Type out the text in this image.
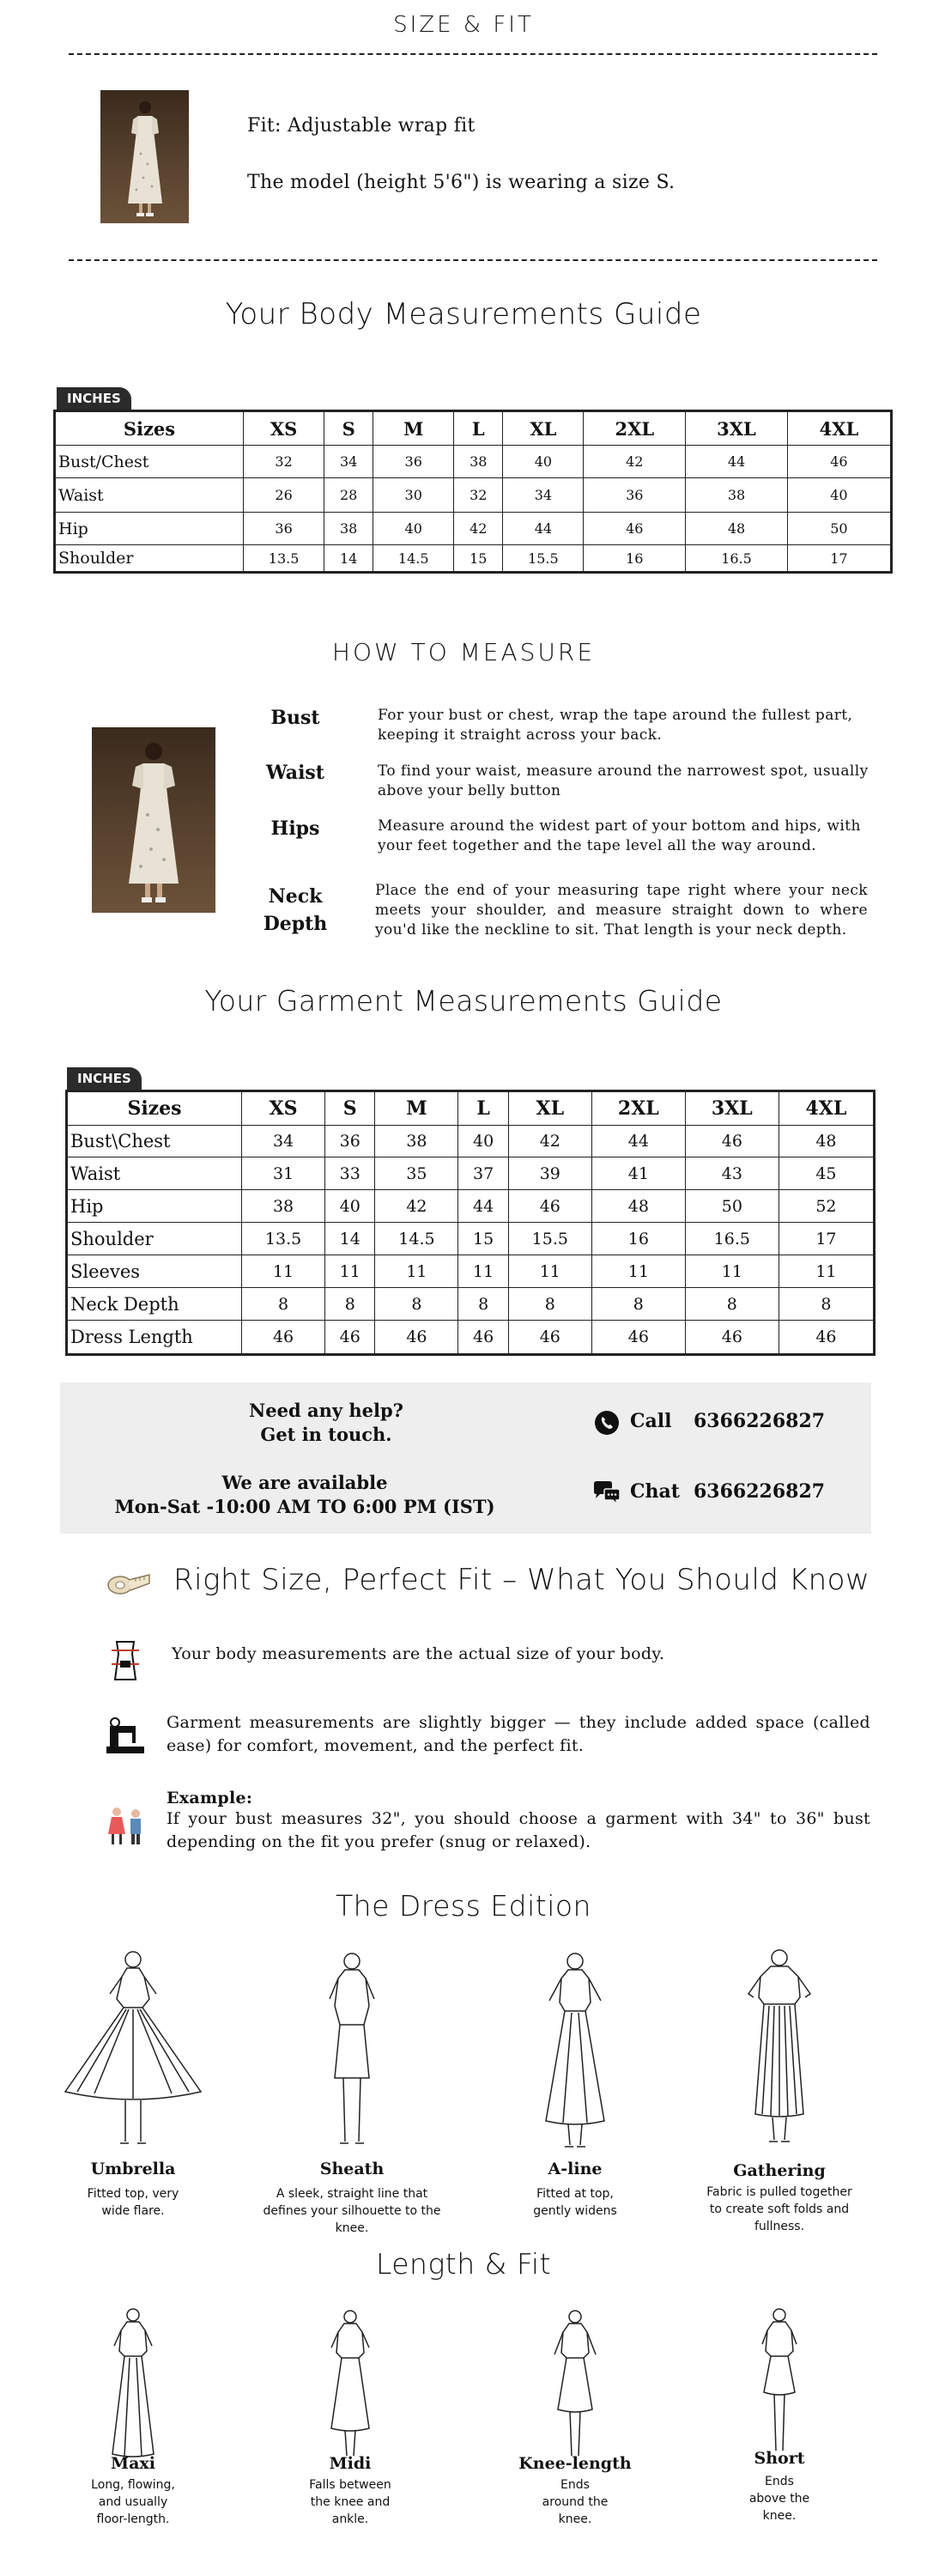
SIZE & FIT
Fit: Adjustable wrap fit
The model (height 5'6") is wearing a size S.
Your Body Measurements Guide
INCHES
Sizes	XS	S	M	L	XL	2XL	3XL	4XL
Bust/Chest	32	34	36	38	40	42	44	46
Waist	26	28	30	32	34	36	38	40
Hip	36	38	40	42	44	46	48	50
Shoulder	13.5	14	14.5	15	15.5	16	16.5	17
HOW TO MEASURE
Bust	For your bust or chest, wrap the tape around the fullest part, keeping it straight across your back.
Waist	To find your waist, measure around the narrowest spot, usually above your belly button
Hips	Measure around the widest part of your bottom and hips, with your feet together and the tape level all the way around.
Neck Depth
Place the end of your measuring tape right where your neck meets your shoulder, and measure straight down to where you'd like the neckline to sit. That length is your neck depth.
Your Garment Measurements Guide
INCHES
Sizes	XS	S	M	L	XL	2XL	3XL	4XL
Bust\Chest	34	36	38	40	42	44	46	48
Waist	31	33	35	37	39	41	43	45
Hip	38	40	42	44	46	48	50	52
Shoulder	13.5	14	14.5	15	15.5	16	16.5	17
Sleeves	11	11	11	11	11	11	11	11
Neck Depth	8	8	8	8	8	8	8	8
Dress Length	46	46	46	46	46	46	46	46
Need any help?
Get in touch.
We are available
Mon-Sat -10:00 AM TO 6:00 PM (IST)
Call 6366226827
Chat 6366226827
Right Size, Perfect Fit – What You Should Know
Your body measurements are the actual size of your body.
Garment measurements are slightly bigger — they include added space (called ease) for comfort, movement, and the perfect fit.
Example:
If your bust measures 32", you should choose a garment with 34" to 36" bust depending on the fit you prefer (snug or relaxed).
The Dress Edition
Umbrella
Fitted top, very wide flare.
Sheath
A sleek, straight line that defines your silhouette to the knee.
A-line
Fitted at top, gently widens
Gathering
Fabric is pulled together to create soft folds and fullness.
Length & Fit
Maxi
Long, flowing, and usually floor-length.
Midi
Falls between the knee and ankle.
Knee-length
Ends around the knee.
Short
Ends above the knee.
